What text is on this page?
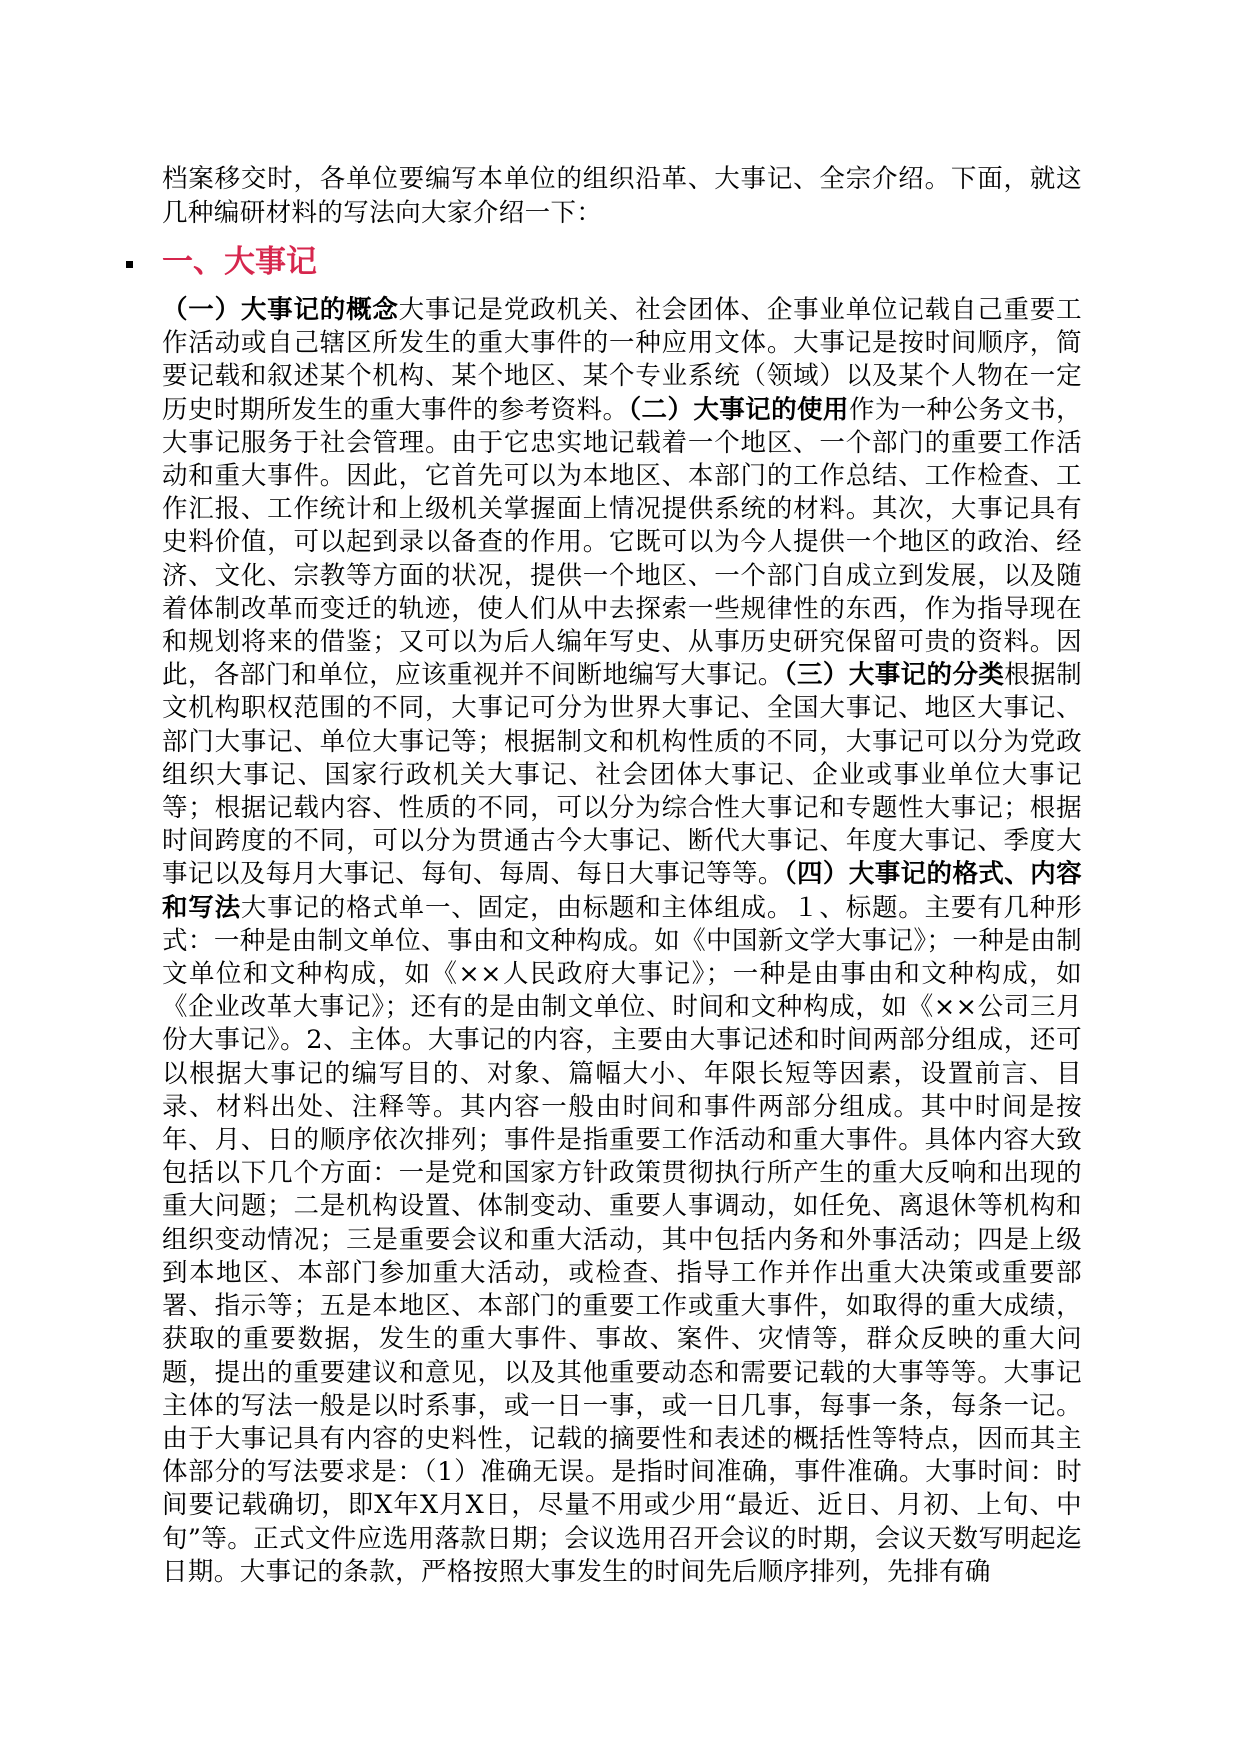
档案移交时，各单位要编写本单位的组织沿革、大事记、全宗介绍。下面，就这几种编研材料的写法向大家介绍一下：

一、大事记

（一）大事记的概念大事记是党政机关、社会团体、企事业单位记载自己重要工作活动或自己辖区所发生的重大事件的一种应用文体。大事记是按时间顺序，简要记载和叙述某个机构、某个地区、某个专业系统（领域）以及某个人物在一定历史时期所发生的重大事件的参考资料。（二）大事记的使用作为一种公务文书，大事记服务于社会管理。由于它忠实地记载着一个地区、一个部门的重要工作活动和重大事件。因此，它首先可以为本地区、本部门的工作总结、工作检查、工作汇报、工作统计和上级机关掌握面上情况提供系统的材料。其次，大事记具有史料价值，可以起到录以备查的作用。它既可以为今人提供一个地区的政治、经济、文化、宗教等方面的状况，提供一个地区、一个部门自成立到发展，以及随着体制改革而变迁的轨迹，使人们从中去探索一些规律性的东西，作为指导现在和规划将来的借鉴；又可以为后人编年写史、从事历史研究保留可贵的资料。因此，各部门和单位，应该重视并不间断地编写大事记。（三）大事记的分类根据制文机构职权范围的不同，大事记可分为世界大事记、全国大事记、地区大事记、部门大事记、单位大事记等；根据制文和机构性质的不同，大事记可以分为党政组织大事记、国家行政机关大事记、社会团体大事记、企业或事业单位大事记等；根据记载内容、性质的不同，可以分为综合性大事记和专题性大事记；根据时间跨度的不同，可以分为贯通古今大事记、断代大事记、年度大事记、季度大事记以及每月大事记、每旬、每周、每日大事记等等。（四）大事记的格式、内容和写法大事记的格式单一、固定，由标题和主体组成。１、标题。主要有几种形式：一种是由制文单位、事由和文种构成。如《中国新文学大事记》；一种是由制文单位和文种构成，如《××人民政府大事记》；一种是由事由和文种构成，如《企业改革大事记》；还有的是由制文单位、时间和文种构成，如《××公司三月份大事记》。2、主体。大事记的内容，主要由大事记述和时间两部分组成，还可以根据大事记的编写目的、对象、篇幅大小、年限长短等因素，设置前言、目录、材料出处、注释等。其内容一般由时间和事件两部分组成。其中时间是按年、月、日的顺序依次排列；事件是指重要工作活动和重大事件。具体内容大致包括以下几个方面：一是党和国家方针政策贯彻执行所产生的重大反响和出现的重大问题；二是机构设置、体制变动、重要人事调动，如任免、离退休等机构和组织变动情况；三是重要会议和重大活动，其中包括内务和外事活动；四是上级到本地区、本部门参加重大活动，或检查、指导工作并作出重大决策或重要部署、指示等；五是本地区、本部门的重要工作或重大事件，如取得的重大成绩，获取的重要数据，发生的重大事件、事故、案件、灾情等，群众反映的重大问题，提出的重要建议和意见，以及其他重要动态和需要记载的大事等等。大事记主体的写法一般是以时系事，或一日一事，或一日几事，每事一条，每条一记。由于大事记具有内容的史料性，记载的摘要性和表述的概括性等特点，因而其主体部分的写法要求是：（1）准确无误。是指时间准确，事件准确。大事时间：时间要记载确切，即X年X月X日，尽量不用或少用“最近、近日、月初、上旬、中旬”等。正式文件应选用落款日期；会议选用召开会议的时期，会议天数写明起迄日期。大事记的条款，严格按照大事发生的时间先后顺序排列，先排有确
